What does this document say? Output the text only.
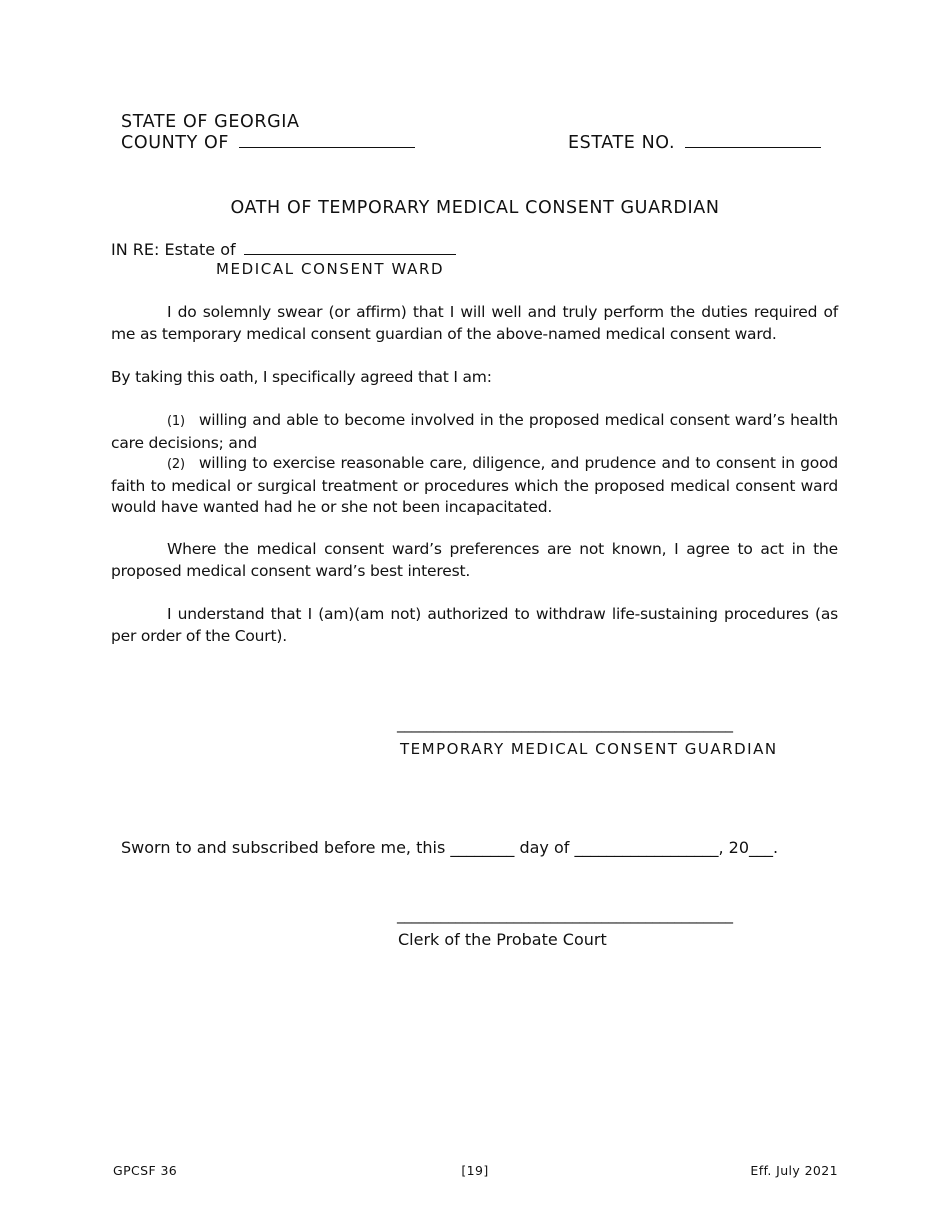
STATE OF GEORGIA
COUNTY OF	ESTATE NO.
OATH OF TEMPORARY MEDICAL CONSENT GUARDIAN
IN RE: Estate of
MEDICAL CONSENT WARD
I do solemnly swear (or affirm) that I will well and truly perform the duties required of me as temporary medical consent guardian of the above-named medical consent ward.
By taking this oath, I specifically agreed that I am:
(1) willing and able to become involved in the proposed medical consent ward’s health care decisions; and
(2) willing to exercise reasonable care, diligence, and prudence and to consent in good faith to medical or surgical treatment or procedures which the proposed medical consent ward would have wanted had he or she not been incapacitated.
Where the medical consent ward’s preferences are not known, I agree to act in the proposed medical consent ward’s best interest.
I understand that I (am)(am not) authorized to withdraw life-sustaining procedures (as per order of the Court).
______________________________________________
TEMPORARY MEDICAL CONSENT GUARDIAN
Sworn to and subscribed before me, this ________ day of __________________, 20___.
______________________________________________
Clerk of the Probate Court
GPCSF 36	[19]	Eff. July 2021
